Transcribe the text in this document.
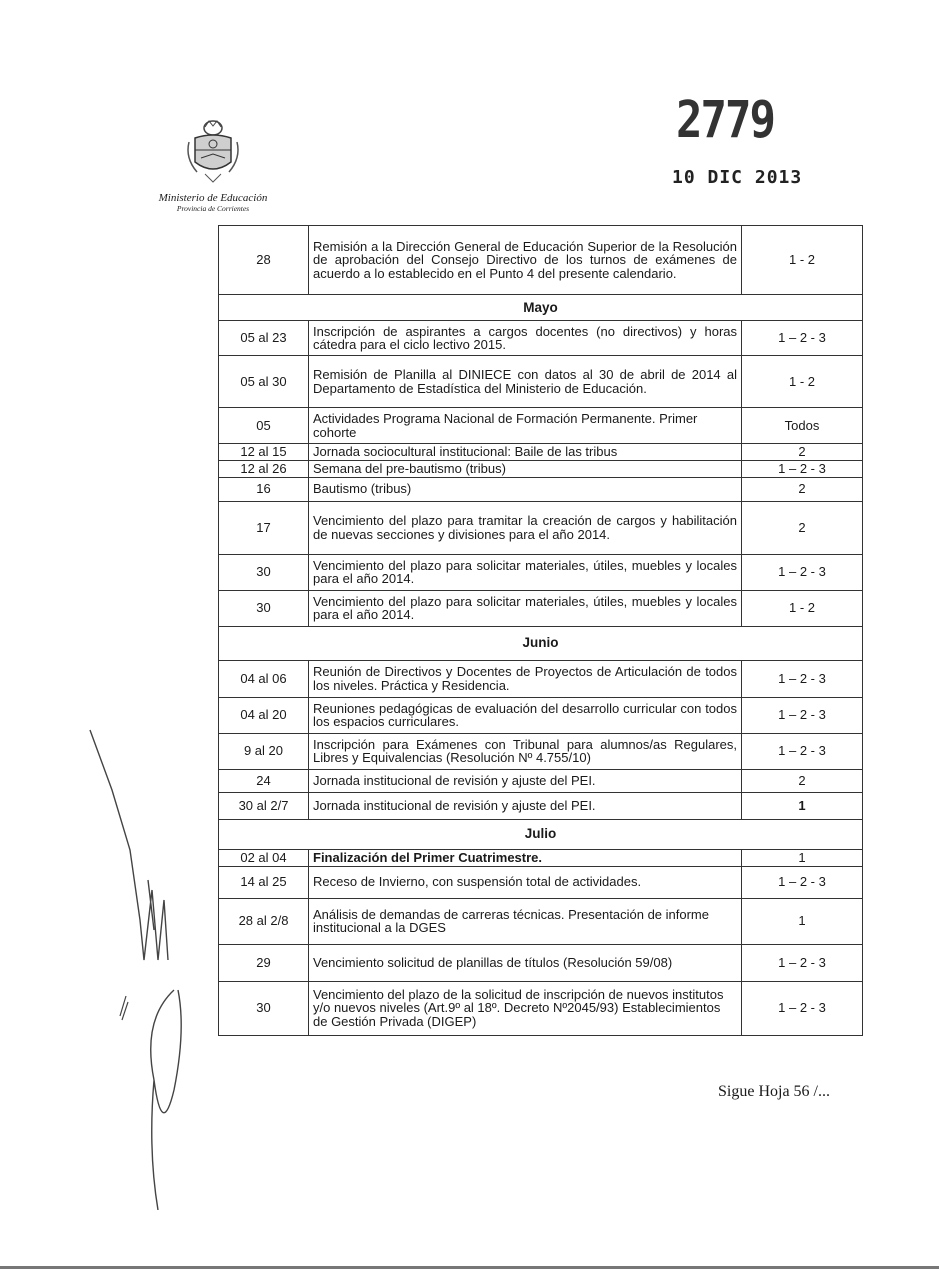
Ministerio de Educación
Provincia de Corrientes
2779
10 DIC 2013
28	Remisión a la Dirección General de Educación Superior de la Resolución de aprobación del Consejo Directivo de los turnos de exámenes de acuerdo a lo establecido en el Punto 4 del presente calendario.	1 - 2
Mayo		
05 al 23	Inscripción de aspirantes a cargos docentes (no directivos) y horas cátedra para el ciclo lectivo 2015.	1 – 2 - 3
05 al 30	Remisión de Planilla al DINIECE con datos al 30 de abril de 2014 al Departamento de Estadística del Ministerio de Educación.	1 - 2
05	Actividades Programa Nacional de Formación Permanente. Primer cohorte	Todos
12 al 15	Jornada sociocultural institucional: Baile de las tribus	2
12 al 26	Semana del pre-bautismo (tribus)	1 – 2 - 3
16	Bautismo (tribus)	2
17	Vencimiento del plazo para tramitar la creación de cargos y habilitación de nuevas secciones y divisiones para el año 2014.	2
30	Vencimiento del plazo para solicitar materiales, útiles, muebles y locales para el año 2014.	1 – 2 - 3
30	Vencimiento del plazo para solicitar materiales, útiles, muebles y locales para el año 2014.	1 - 2
Junio		
04 al 06	Reunión de Directivos y Docentes de Proyectos de Articulación de todos los niveles. Práctica y Residencia.	1 – 2 - 3
04 al 20	Reuniones pedagógicas de evaluación del desarrollo curricular con todos los espacios curriculares.	1 – 2 - 3
9 al 20	Inscripción para Exámenes con Tribunal para alumnos/as Regulares, Libres y Equivalencias (Resolución Nº 4.755/10)	1 – 2 - 3
24	Jornada institucional de revisión y ajuste del PEI.	2
30 al 2/7	Jornada institucional de revisión y ajuste del PEI.	1
Julio		
02 al 04	Finalización del Primer Cuatrimestre.	1
14 al 25	Receso de Invierno, con suspensión total de actividades.	1 – 2 - 3
28 al 2/8	Análisis de demandas de carreras técnicas. Presentación de informe institucional a la DGES	1
29	Vencimiento solicitud de planillas de títulos (Resolución 59/08)	1 – 2 - 3
30	Vencimiento del plazo de la solicitud de inscripción de nuevos institutos y/o nuevos niveles (Art.9º al 18º. Decreto Nº2045/93) Establecimientos de Gestión Privada (DIGEP)	1 – 2 - 3
Sigue Hoja 56 /...
